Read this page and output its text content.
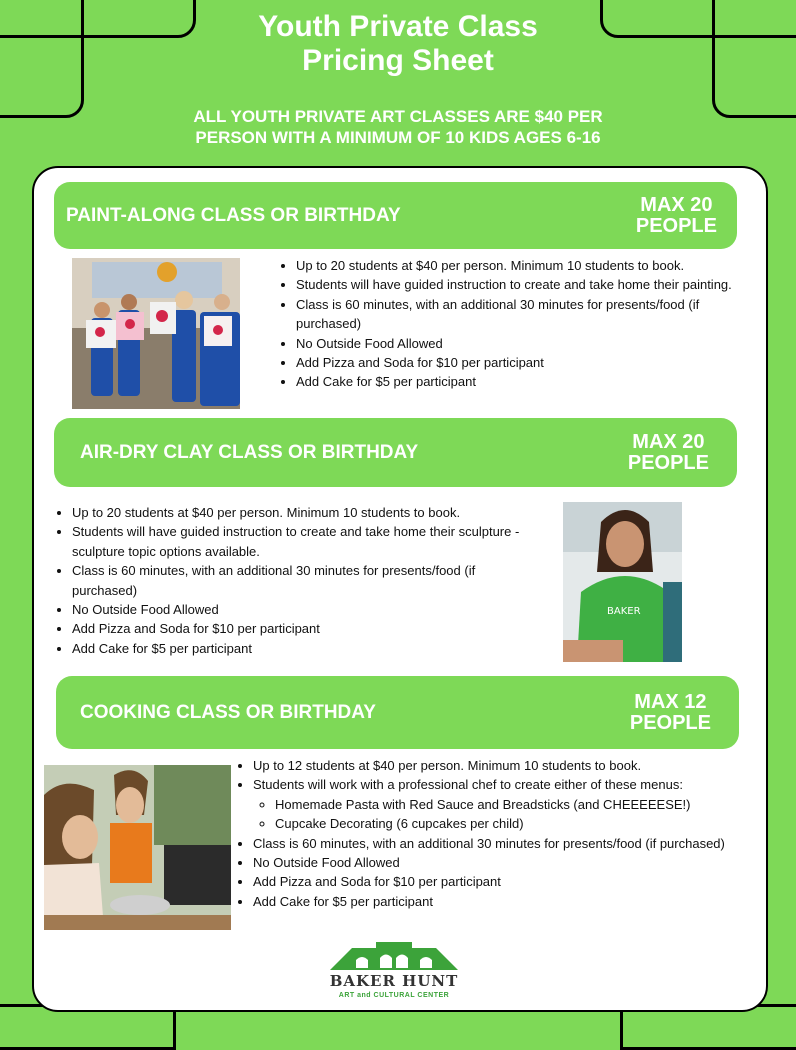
Youth Private Class
Pricing Sheet
ALL YOUTH PRIVATE ART CLASSES ARE $40 PER
PERSON WITH A MINIMUM OF 10 KIDS AGES 6-16
PAINT-ALONG CLASS OR BIRTHDAY	MAX 20
PEOPLE
• Up to 20 students at $40 per person. Minimum 10 students to book.
• Students will have guided instruction to create and take home their painting.
• Class is 60 minutes, with an additional 30 minutes for presents/food (if purchased)
• No Outside Food Allowed
• Add Pizza and Soda for $10 per participant
• Add Cake for $5 per participant
AIR-DRY CLAY CLASS OR BIRTHDAY	MAX 20
PEOPLE
• Up to 20 students at $40 per person. Minimum 10 students to book.
• Students will have guided instruction to create and take home their sculpture - sculpture topic options available.
• Class is 60 minutes, with an additional 30 minutes for presents/food (if purchased)
• No Outside Food Allowed
• Add Pizza and Soda for $10 per participant
• Add Cake for $5 per participant
BAKER
COOKING CLASS OR BIRTHDAY	MAX 12
PEOPLE
• Up to 12 students at $40 per person. Minimum 10 students to book.
• Students will work with a professional chef to create either of these menus:
◦ Homemade Pasta with Red Sauce and Breadsticks (and CHEEEEESE!)
◦ Cupcake Decorating (6 cupcakes per child)
• Class is 60 minutes, with an additional 30 minutes for presents/food (if purchased)
• No Outside Food Allowed
• Add Pizza and Soda for $10 per participant
• Add Cake for $5 per participant
BAKER HUNT
ART and CULTURAL CENTER
